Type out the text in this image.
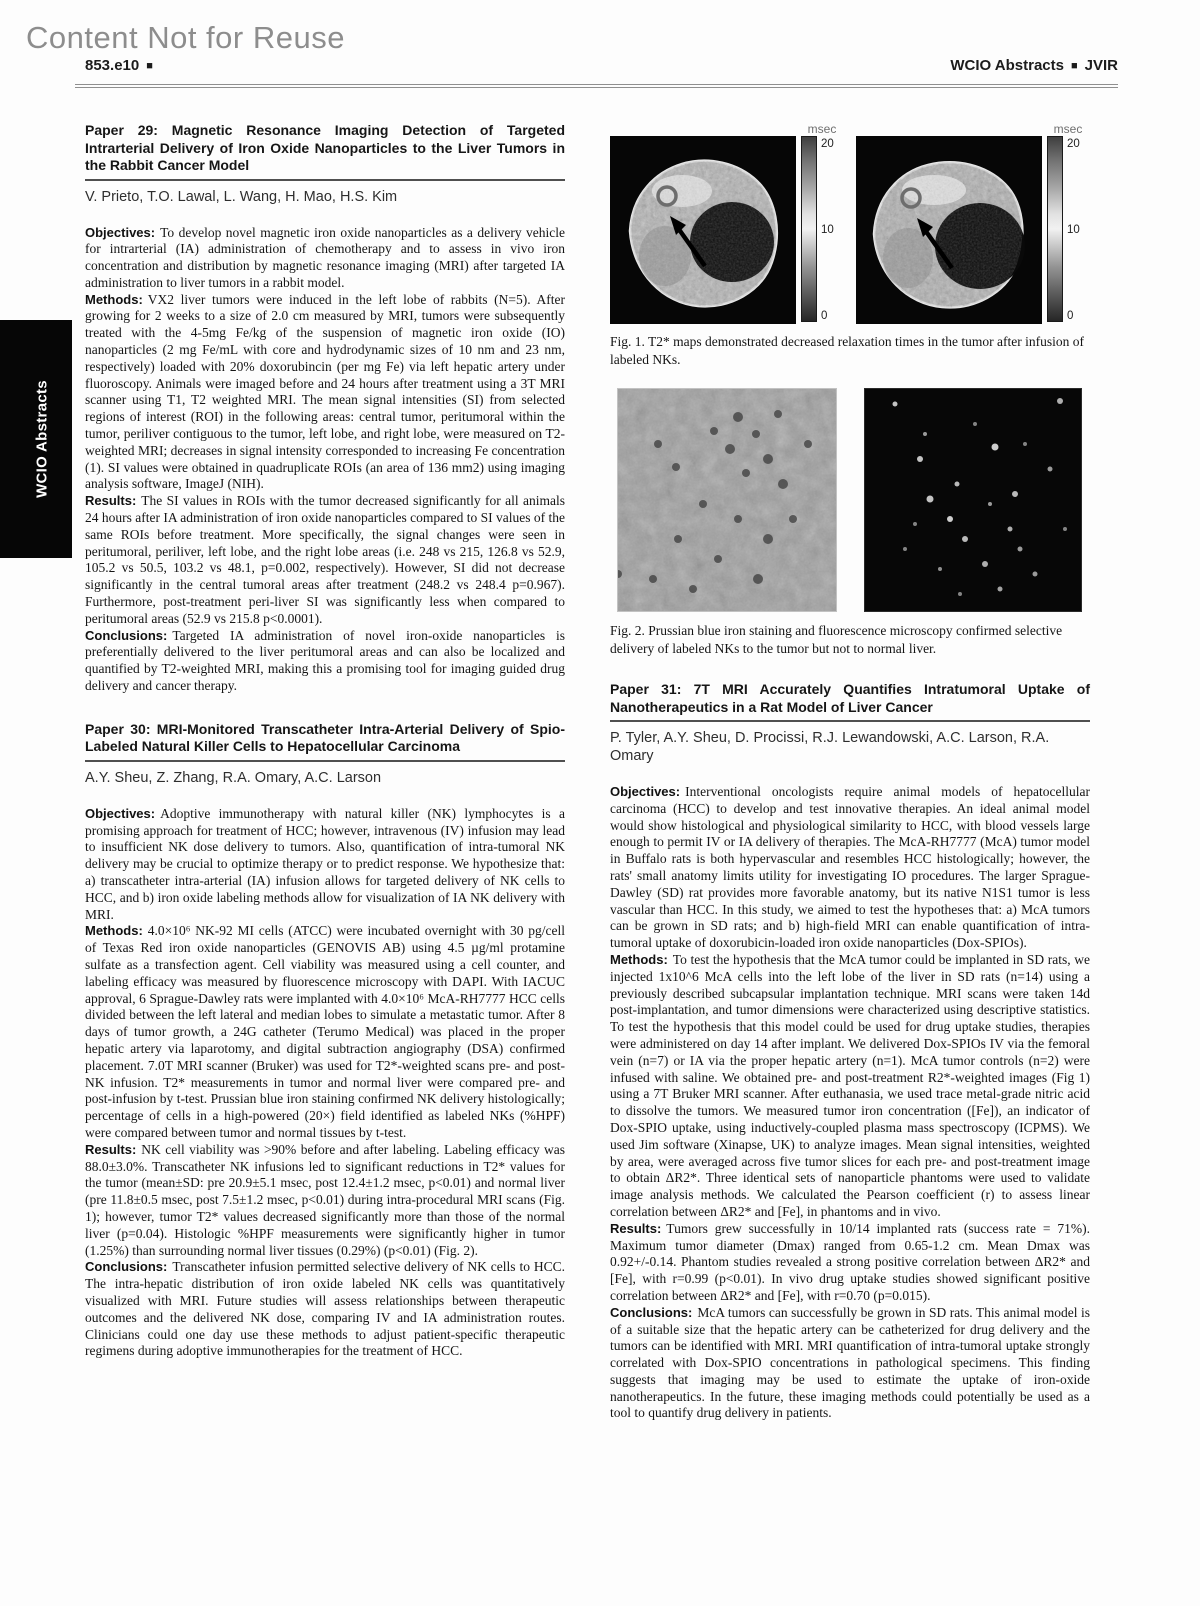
Content Not for Reuse
853.e10 ■	WCIO Abstracts ■ JVIR
WCIO Abstracts
Paper 29: Magnetic Resonance Imaging Detection of Targeted Intrarterial Delivery of Iron Oxide Nanoparticles to the Liver Tumors in the Rabbit Cancer Model
V. Prieto, T.O. Lawal, L. Wang, H. Mao, H.S. Kim

Objectives: To develop novel magnetic iron oxide nanoparticles as a delivery vehicle for intrarterial (IA) administration of chemotherapy and to assess in vivo iron concentration and distribution by magnetic resonance imaging (MRI) after targeted IA administration to liver tumors in a rabbit model.

Methods: VX2 liver tumors were induced in the left lobe of rabbits (N=5). After growing for 2 weeks to a size of 2.0 cm measured by MRI, tumors were subsequently treated with the 4-5mg Fe/kg of the suspension of magnetic iron oxide (IO) nanoparticles (2 mg Fe/mL with core and hydrodynamic sizes of 10 nm and 23 nm, respectively) loaded with 20% doxorubincin (per mg Fe) via left hepatic artery under fluoroscopy. Animals were imaged before and 24 hours after treatment using a 3T MRI scanner using T1, T2 weighted MRI. The mean signal intensities (SI) from selected regions of interest (ROI) in the following areas: central tumor, peritumoral within the tumor, periliver contiguous to the tumor, left lobe, and right lobe, were measured on T2-weighted MRI; decreases in signal intensity corresponded to increasing Fe concentration (1). SI values were obtained in quadruplicate ROIs (an area of 136 mm2) using imaging analysis software, ImageJ (NIH).

Results: The SI values in ROIs with the tumor decreased significantly for all animals 24 hours after IA administration of iron oxide nanoparticles compared to SI values of the same ROIs before treatment. More specifically, the signal changes were seen in peritumoral, periliver, left lobe, and the right lobe areas (i.e. 248 vs 215, 126.8 vs 52.9, 105.2 vs 50.5, 103.2 vs 48.1, p=0.002, respectively). However, SI did not decrease significantly in the central tumoral areas after treatment (248.2 vs 248.4 p=0.967). Furthermore, post-treatment peri-liver SI was significantly less when compared to peritumoral areas (52.9 vs 215.8 p<0.0001).

Conclusions: Targeted IA administration of novel iron-oxide nanoparticles is preferentially delivered to the liver peritumoral areas and can also be localized and quantified by T2-weighted MRI, making this a promising tool for imaging guided drug delivery and cancer therapy.

Paper 30: MRI-Monitored Transcatheter Intra-Arterial Delivery of Spio-Labeled Natural Killer Cells to Hepatocellular Carcinoma
A.Y. Sheu, Z. Zhang, R.A. Omary, A.C. Larson

Objectives: Adoptive immunotherapy with natural killer (NK) lymphocytes is a promising approach for treatment of HCC; however, intravenous (IV) infusion may lead to insufficient NK dose delivery to tumors. Also, quantification of intra-tumoral NK delivery may be crucial to optimize therapy or to predict response. We hypothesize that: a) transcatheter intra-arterial (IA) infusion allows for targeted delivery of NK cells to HCC, and b) iron oxide labeling methods allow for visualization of IA NK delivery with MRI.

Methods: 4.0×10⁶ NK-92 MI cells (ATCC) were incubated overnight with 30 pg/cell of Texas Red iron oxide nanoparticles (GENOVIS AB) using 4.5 µg/ml protamine sulfate as a transfection agent. Cell viability was measured using a cell counter, and labeling efficacy was measured by fluorescence microscopy with DAPI. With IACUC approval, 6 Sprague-Dawley rats were implanted with 4.0×10⁶ McA-RH7777 HCC cells divided between the left lateral and median lobes to simulate a metastatic tumor. After 8 days of tumor growth, a 24G catheter (Terumo Medical) was placed in the proper hepatic artery via laparotomy, and digital subtraction angiography (DSA) confirmed placement. 7.0T MRI scanner (Bruker) was used for T2*-weighted scans pre- and post-NK infusion. T2* measurements in tumor and normal liver were compared pre- and post-infusion by t-test. Prussian blue iron staining confirmed NK delivery histologically; percentage of cells in a high-powered (20×) field identified as labeled NKs (%HPF) were compared between tumor and normal tissues by t-test.

Results: NK cell viability was >90% before and after labeling. Labeling efficacy was 88.0±3.0%. Transcatheter NK infusions led to significant reductions in T2* values for the tumor (mean±SD: pre 20.9±5.1 msec, post 12.4±1.2 msec, p<0.01) and normal liver (pre 11.8±0.5 msec, post 7.5±1.2 msec, p<0.01) during intra-procedural MRI scans (Fig. 1); however, tumor T2* values decreased significantly more than those of the normal liver (p=0.04). Histologic %HPF measurements were significantly higher in tumor (1.25%) than surrounding normal liver tissues (0.29%) (p<0.01) (Fig. 2).

Conclusions: Transcatheter infusion permitted selective delivery of NK cells to HCC. The intra-hepatic distribution of iron oxide labeled NK cells was quantitatively visualized with MRI. Future studies will assess relationships between therapeutic outcomes and the delivered NK dose, comparing IV and IA administration routes. Clinicians could one day use these methods to adjust patient-specific therapeutic regimens during adoptive immunotherapies for the treatment of HCC.

msec
20
10
0
msec
20
10
0
Fig. 1. T2* maps demonstrated decreased relaxation times in the tumor after infusion of labeled NKs.
Fig. 2. Prussian blue iron staining and fluorescence microscopy confirmed selective delivery of labeled NKs to the tumor but not to normal liver.
Paper 31: 7T MRI Accurately Quantifies Intratumoral Uptake of Nanotherapeutics in a Rat Model of Liver Cancer
P. Tyler, A.Y. Sheu, D. Procissi, R.J. Lewandowski, A.C. Larson, R.A. Omary

Objectives: Interventional oncologists require animal models of hepatocellular carcinoma (HCC) to develop and test innovative therapies. An ideal animal model would show histological and physiological similarity to HCC, with blood vessels large enough to permit IV or IA delivery of therapies. The McA-RH7777 (McA) tumor model in Buffalo rats is both hypervascular and resembles HCC histologically; however, the rats' small anatomy limits utility for investigating IO procedures. The larger Sprague-Dawley (SD) rat provides more favorable anatomy, but its native N1S1 tumor is less vascular than HCC. In this study, we aimed to test the hypotheses that: a) McA tumors can be grown in SD rats; and b) high-field MRI can enable quantification of intra-tumoral uptake of doxorubicin-loaded iron oxide nanoparticles (Dox-SPIOs).

Methods: To test the hypothesis that the McA tumor could be implanted in SD rats, we injected 1x10^6 McA cells into the left lobe of the liver in SD rats (n=14) using a previously described subcapsular implantation technique. MRI scans were taken 14d post-implantation, and tumor dimensions were characterized using descriptive statistics. To test the hypothesis that this model could be used for drug uptake studies, therapies were administered on day 14 after implant. We delivered Dox-SPIOs IV via the femoral vein (n=7) or IA via the proper hepatic artery (n=1). McA tumor controls (n=2) were infused with saline. We obtained pre- and post-treatment R2*-weighted images (Fig 1) using a 7T Bruker MRI scanner. After euthanasia, we used trace metal-grade nitric acid to dissolve the tumors. We measured tumor iron concentration ([Fe]), an indicator of Dox-SPIO uptake, using inductively-coupled plasma mass spectroscopy (ICPMS). We used Jim software (Xinapse, UK) to analyze images. Mean signal intensities, weighted by area, were averaged across five tumor slices for each pre- and post-treatment image to obtain ΔR2*. Three identical sets of nanoparticle phantoms were used to validate image analysis methods. We calculated the Pearson coefficient (r) to assess linear correlation between ΔR2* and [Fe], in phantoms and in vivo.

Results: Tumors grew successfully in 10/14 implanted rats (success rate = 71%). Maximum tumor diameter (Dmax) ranged from 0.65-1.2 cm. Mean Dmax was 0.92+/-0.14. Phantom studies revealed a strong positive correlation between ΔR2* and [Fe], with r=0.99 (p<0.01). In vivo drug uptake studies showed significant positive correlation between ΔR2* and [Fe], with r=0.70 (p=0.015).

Conclusions: McA tumors can successfully be grown in SD rats. This animal model is of a suitable size that the hepatic artery can be catheterized for drug delivery and the tumors can be identified with MRI. MRI quantification of intra-tumoral uptake strongly correlated with Dox-SPIO concentrations in pathological specimens. This finding suggests that imaging may be used to estimate the uptake of iron-oxide nanotherapeutics. In the future, these imaging methods could potentially be used as a tool to quantify drug delivery in patients.
